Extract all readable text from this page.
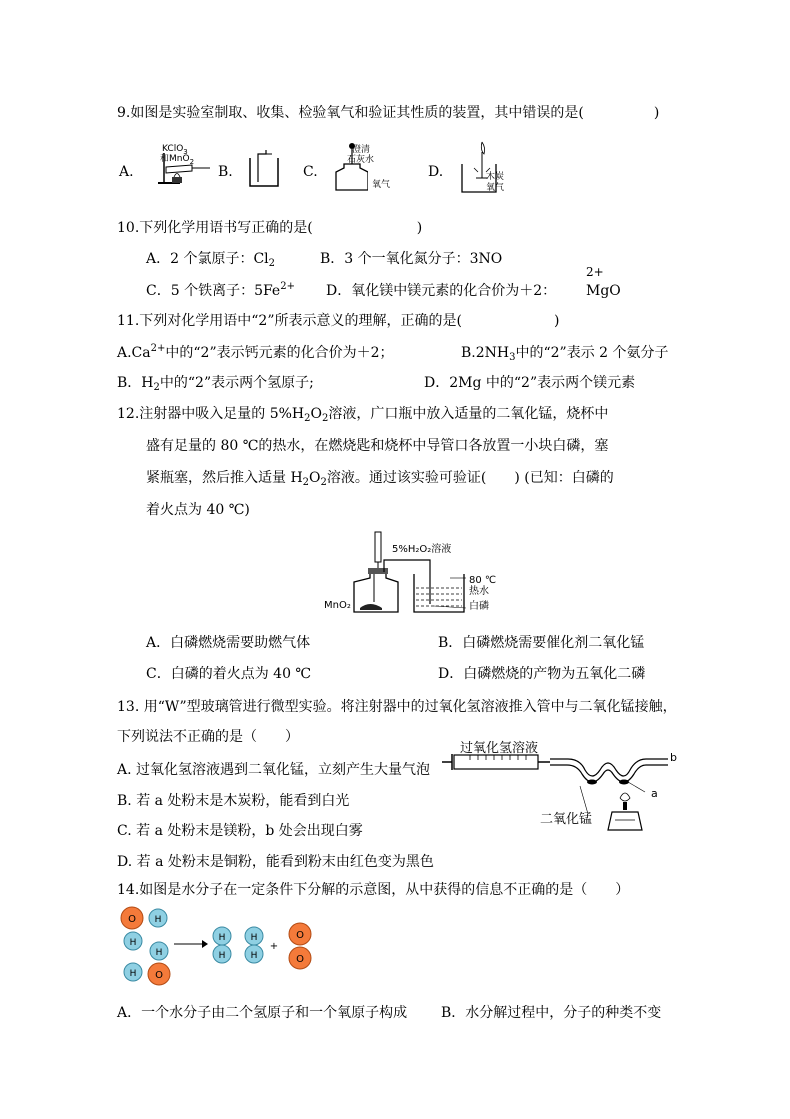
9.如图是实验室制取、收集、检验氧气和验证其性质的装置，其中错误的是(	)
A.
KClO$_3$
和MnO$_2$
B.	C.
澄清
石灰水
氧气
D.	木炭
氧气
10.下列化学用语书写正确的是(	)
A．2 个氯原子：$Cl_2$	B．3 个一氧化氮分子：3NO
C．5 个铁离子：$5Fe^{2+}$ D．氧化镁中镁元素的化合价为＋2：
2+
MgO
11.下列对化学用语中“2”所表示意义的理解，正确的是(	)
$A.Ca^{2+}$中的“2”表示钙元素的化合价为＋2；	$B.2NH_3$中的“2”表示 2 个氨分子
B．$H_2$中的“2”表示两个氢原子;	D．2Mg 中的“2”表示两个镁元素
12.注射器中吸入足量的 $5\%H_2O_2$溶液，广口瓶中放入适量的二氧化锰，烧杯中
盛有足量的 80 ℃的热水，在燃烧匙和烧杯中导管口各放置一小块白磷，塞
紧瓶塞，然后推入适量 $H_2O_2$溶液。通过该实验可验证(　　) (已知：白磷的
着火点为 40 ℃)
5%H₂O₂溶液
MnO₂
80 ℃
热水
白磷
A．白磷燃烧需要助燃气体	B．白磷燃烧需要催化剂二氧化锰
C．白磷的着火点为 40 ℃	D．白磷燃烧的产物为五氧化二磷
13. 用“W”型玻璃管进行微型实验。将注射器中的过氧化氢溶液推入管中与二氧化锰接触，
下列说法不正确的是（　　）
A. 过氧化氢溶液遇到二氧化锰，立刻产生大量气泡
B. 若 a 处粉末是木炭粉，能看到白光
C. 若 a 处粉末是镁粉，b 处会出现白雾
D. 若 a 处粉末是铜粉，能看到粉末由红色变为黑色
过氧化氢溶液
二氧化锰
a
b
14.如图是水分子在一定条件下分解的示意图，从中获得的信息不正确的是（　　）
O H
H
H
H O
H
H
H
H
+
O
O
A．一个水分子由二个氢原子和一个氧原子构成 B．水分解过程中，分子的种类不变
